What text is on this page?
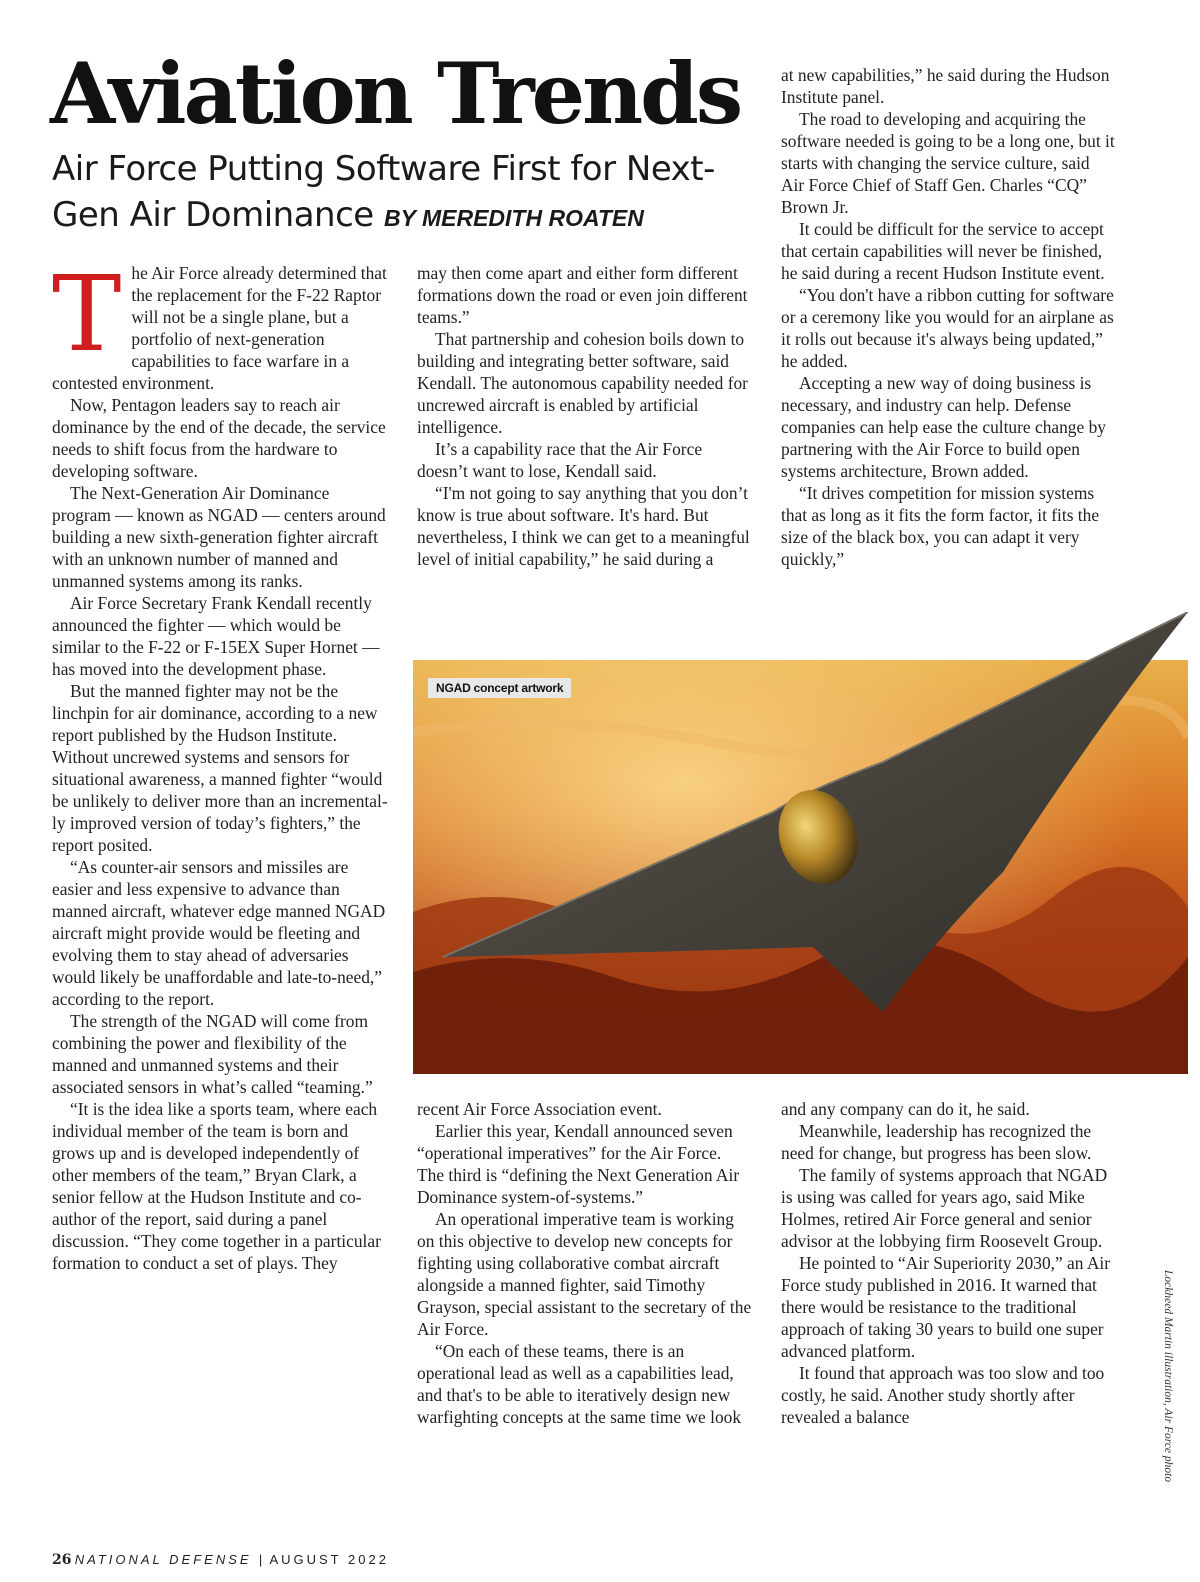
Aviation Trends
Air Force Putting Software First for Next-Gen Air Dominance BY MEREDITH ROATEN
T he Air Force already determined that the replacement for the F-22 Raptor will not be a single plane, but a portfolio of next-generation capabilities to face warfare in a contested environment.

Now, Pentagon leaders say to reach air dominance by the end of the decade, the service needs to shift focus from the hardware to developing software.

The Next-Generation Air Dominance program — known as NGAD — centers around building a new sixth-generation fighter aircraft with an unknown number of manned and unmanned systems among its ranks.

Air Force Secretary Frank Kendall recently announced the fighter — which would be similar to the F-22 or F-15EX Super Hornet — has moved into the development phase.

But the manned fighter may not be the linchpin for air dominance, according to a new report published by the Hudson Institute. Without uncrewed systems and sensors for situational awareness, a manned fighter “would be unlikely to deliver more than an incrementally improved version of today’s fighters,” the report posited.

“As counter-air sensors and missiles are easier and less expensive to advance than manned aircraft, whatever edge manned NGAD aircraft might provide would be fleeting and evolving them to stay ahead of adversaries would likely be unaffordable and late-to-need,” according to the report.

The strength of the NGAD will come from combining the power and flexibility of the manned and unmanned systems and their associated sensors in what’s called “teaming.”

“It is the idea like a sports team, where each individual member of the team is born and grows up and is developed independently of other members of the team,” Bryan Clark, a senior fellow at the Hudson Institute and co-author of the report, said during a panel discussion. “They come together in a particular formation to conduct a set of plays. They

may then come apart and either form different formations down the road or even join different teams.”

That partnership and cohesion boils down to building and integrating better software, said Kendall. The autonomous capability needed for uncrewed aircraft is enabled by artificial intelligence.

It’s a capability race that the Air Force doesn’t want to lose, Kendall said.

“I'm not going to say anything that you don’t know is true about software. It's hard. But nevertheless, I think we can get to a meaningful level of initial capability,” he said during a

at new capabilities,” he said during the Hudson Institute panel.

The road to developing and acquiring the software needed is going to be a long one, but it starts with changing the service culture, said Air Force Chief of Staff Gen. Charles “CQ” Brown Jr.

It could be difficult for the service to accept that certain capabilities will never be finished, he said during a recent Hudson Institute event.

“You don't have a ribbon cutting for software or a ceremony like you would for an airplane as it rolls out because it's always being updated,” he added.

Accepting a new way of doing business is necessary, and industry can help. Defense companies can help ease the culture change by partnering with the Air Force to build open systems architecture, Brown added.

“It drives competition for mission systems that as long as it fits the form factor, it fits the size of the black box, you can adapt it very quickly,”

NGAD concept artwork

recent Air Force Association event.

Earlier this year, Kendall announced seven “operational imperatives” for the Air Force. The third is “defining the Next Generation Air Dominance system-of-systems.”

An operational imperative team is working on this objective to develop new concepts for fighting using collaborative combat aircraft alongside a manned fighter, said Timothy Grayson, special assistant to the secretary of the Air Force.

“On each of these teams, there is an operational lead as well as a capabilities lead, and that's to be able to iteratively design new warfighting concepts at the same time we look

and any company can do it, he said.

Meanwhile, leadership has recognized the need for change, but progress has been slow.

The family of systems approach that NGAD is using was called for years ago, said Mike Holmes, retired Air Force general and senior advisor at the lobbying firm Roosevelt Group.

He pointed to “Air Superiority 2030,” an Air Force study published in 2016. It warned that there would be resistance to the traditional approach of taking 30 years to build one super advanced platform.

It found that approach was too slow and too costly, he said. Another study shortly after revealed a balance	Lockheed Martin illustration, Air Force photo
26 NATIONAL DEFENSE | AUGUST 2022
